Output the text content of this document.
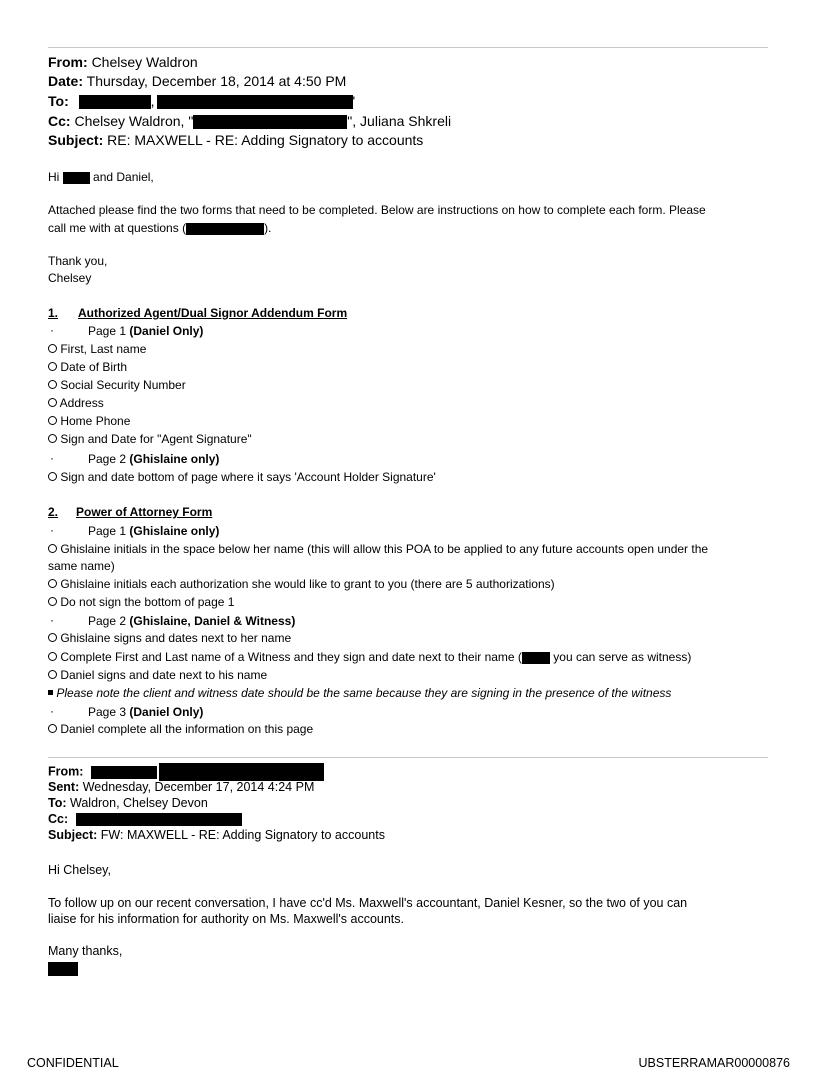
From: Chelsey Waldron
Date: Thursday, December 18, 2014 at 4:50 PM
To:	,	'
Cc: Chelsey Waldron, "	", Juliana Shkreli
Subject: RE: MAXWELL - RE: Adding Signatory to accounts
Hi	and Daniel,
Attached please find the two forms that need to be completed. Below are instructions on how to complete each form. Please
call me with at questions (	).
Thank you,
Chelsey
1. Authorized Agent/Dual Signor Addendum Form
·	Page 1 (Daniel Only)
First, Last name
Date of Birth
Social Security Number
Address
Home Phone
Sign and Date for "Agent Signature"
·	Page 2 (Ghislaine only)
Sign and date bottom of page where it says 'Account Holder Signature'
2. Power of Attorney Form
·	Page 1 (Ghislaine only)
Ghislaine initials in the space below her name (this will allow this POA to be applied to any future accounts open under the
same name)
Ghislaine initials each authorization she would like to grant to you (there are 5 authorizations)
Do not sign the bottom of page 1
·	Page 2 (Ghislaine, Daniel & Witness)
Ghislaine signs and dates next to her name
Complete First and Last name of a Witness and they sign and date next to their name (	you can serve as witness)
Daniel signs and date next to his name
Please note the client and witness date should be the same because they are signing in the presence of the witness
·	Page 3 (Daniel Only)
Daniel complete all the information on this page
From:
Sent: Wednesday, December 17, 2014 4:24 PM
To: Waldron, Chelsey Devon
Cc:
Subject: FW: MAXWELL - RE: Adding Signatory to accounts
Hi Chelsey,
To follow up on our recent conversation, I have cc'd Ms. Maxwell's accountant, Daniel Kesner, so the two of you can
liaise for his information for authority on Ms. Maxwell's accounts.
Many thanks,
CONFIDENTIAL	UBSTERRAMAR00000876
